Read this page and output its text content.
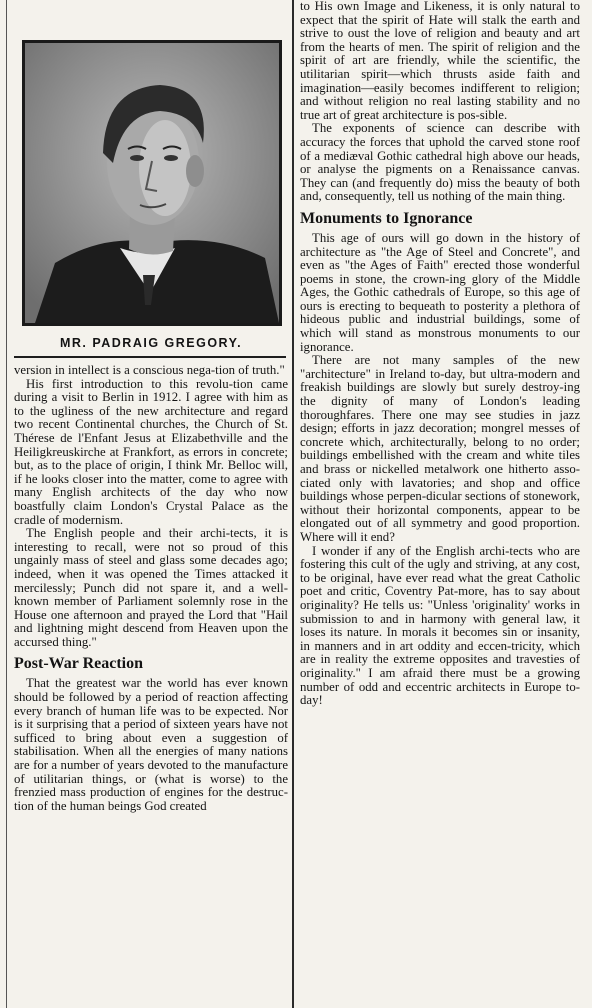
MR. PADRAIG GREGORY.

version in intellect is a conscious nega-tion of truth."

His first introduction to this revolu-tion came during a visit to Berlin in 1912. I agree with him as to the ugliness of the new architecture and regard two recent Continental churches, the Church of St. Thérese de l'Enfant Jesus at Elizabethville and the Heiligkreuskirche at Frankfort, as errors in concrete; but, as to the place of origin, I think Mr. Belloc will, if he looks closer into the matter, come to agree with many English architects of the day who now boastfully claim London's Crystal Palace as the cradle of modernism.

The English people and their archi-tects, it is interesting to recall, were not so proud of this ungainly mass of steel and glass some decades ago; indeed, when it was opened the Times attacked it mercilessly; Punch did not spare it, and a well-known member of Parliament solemnly rose in the House one afternoon and prayed the Lord that "Hail and lightning might descend from Heaven upon the accursed thing."

Post-War Reaction

That the greatest war the world has ever known should be followed by a period of reaction affecting every branch of human life was to be expected. Nor is it surprising that a period of sixteen years have not sufficed to bring about even a suggestion of stabilisation. When all the energies of many nations are for a number of years devoted to the manufacture of utilitarian things, or (what is worse) to the frenzied mass production of engines for the destruc-tion of the human beings God created

to His own Image and Likeness, it is only natural to expect that the spirit of Hate will stalk the earth and strive to oust the love of religion and beauty and art from the hearts of men. The spirit of religion and the spirit of art are friendly, while the scientific, the utilitarian spirit—which thrusts aside faith and imagination—easily becomes indifferent to religion; and without religion no real lasting stability and no true art of great architecture is pos-sible.

The exponents of science can describe with accuracy the forces that uphold the carved stone roof of a mediæval Gothic cathedral high above our heads, or analyse the pigments on a Renaissance canvas. They can (and frequently do) miss the beauty of both and, consequently, tell us nothing of the main thing.

Monuments to Ignorance

This age of ours will go down in the history of architecture as "the Age of Steel and Concrete", and even as "the Ages of Faith" erected those wonderful poems in stone, the crown-ing glory of the Middle Ages, the Gothic cathedrals of Europe, so this age of ours is erecting to bequeath to posterity a plethora of hideous public and industrial buildings, some of which will stand as monstrous monuments to our ignorance.

There are not many samples of the new "architecture" in Ireland to-day, but ultra-modern and freakish buildings are slowly but surely destroy-ing the dignity of many of London's leading thoroughfares. There one may see studies in jazz design; efforts in jazz decoration; mongrel messes of concrete which, architecturally, belong to no order; buildings embellished with the cream and white tiles and brass or nickelled metalwork one hitherto asso-ciated only with lavatories; and shop and office buildings whose perpen-dicular sections of stonework, without their horizontal components, appear to be elongated out of all symmetry and good proportion. Where will it end?

I wonder if any of the English archi-tects who are fostering this cult of the ugly and striving, at any cost, to be original, have ever read what the great Catholic poet and critic, Coventry Pat-more, has to say about originality? He tells us: "Unless 'originality' works in submission to and in harmony with general law, it loses its nature. In morals it becomes sin or insanity, in manners and in art oddity and eccen-tricity, which are in reality the extreme opposites and travesties of originality." I am afraid there must be a growing number of odd and eccentric architects in Europe to-day!
